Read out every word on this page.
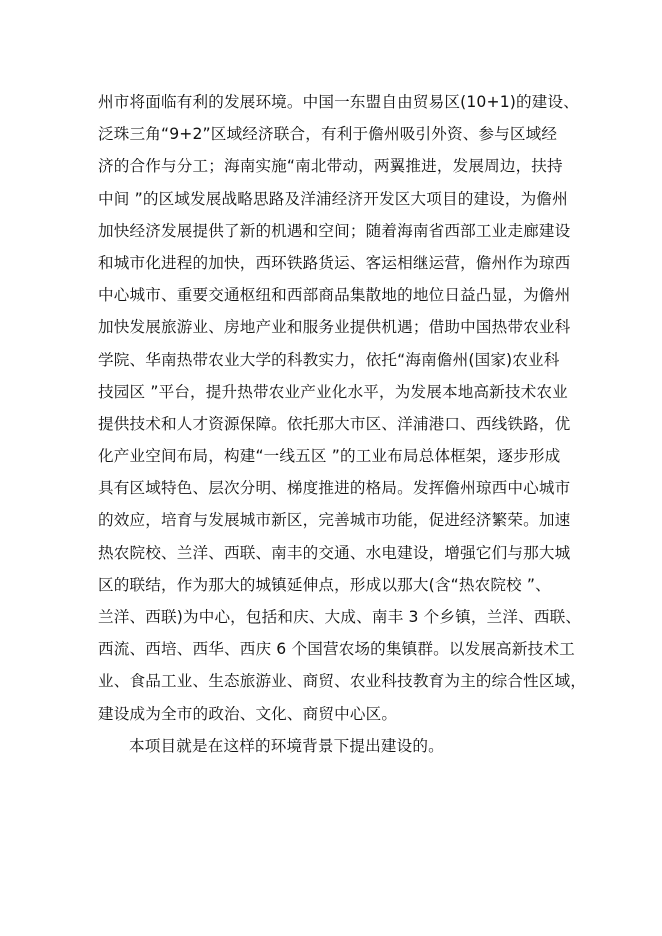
州市将面临有利的发展环境。中国一东盟自由贸易区(10+1)的建设、
泛珠三角“9+2”区域经济联合，有利于儋州吸引外资、参与区域经
济的合作与分工；海南实施“南北带动，两翼推进，发展周边，扶持
中间 ”的区域发展战略思路及洋浦经济开发区大项目的建设，为儋州
加快经济发展提供了新的机遇和空间；随着海南省西部工业走廊建设
和城市化进程的加快，西环铁路货运、客运相继运营，儋州作为琼西
中心城市、重要交通枢纽和西部商品集散地的地位日益凸显，为儋州
加快发展旅游业、房地产业和服务业提供机遇；借助中国热带农业科
学院、华南热带农业大学的科教实力，依托“海南儋州(国家)农业科
技园区 ”平台，提升热带农业产业化水平，为发展本地高新技术农业
提供技术和人才资源保障。依托那大市区、洋浦港口、西线铁路，优
化产业空间布局，构建“一线五区 ”的工业布局总体框架，逐步形成
具有区域特色、层次分明、梯度推进的格局。发挥儋州琼西中心城市
的效应，培育与发展城市新区，完善城市功能，促进经济繁荣。加速
热农院校、兰洋、西联、南丰的交通、水电建设，增强它们与那大城
区的联结，作为那大的城镇延伸点，形成以那大(含“热农院校 ”、
兰洋、西联)为中心，包括和庆、大成、南丰 3 个乡镇，兰洋、西联、
西流、西培、西华、西庆 6 个国营农场的集镇群。以发展高新技术工
业、食品工业、生态旅游业、商贸、农业科技教育为主的综合性区域，
建设成为全市的政治、文化、商贸中心区。
本项目就是在这样的环境背景下提出建设的。
